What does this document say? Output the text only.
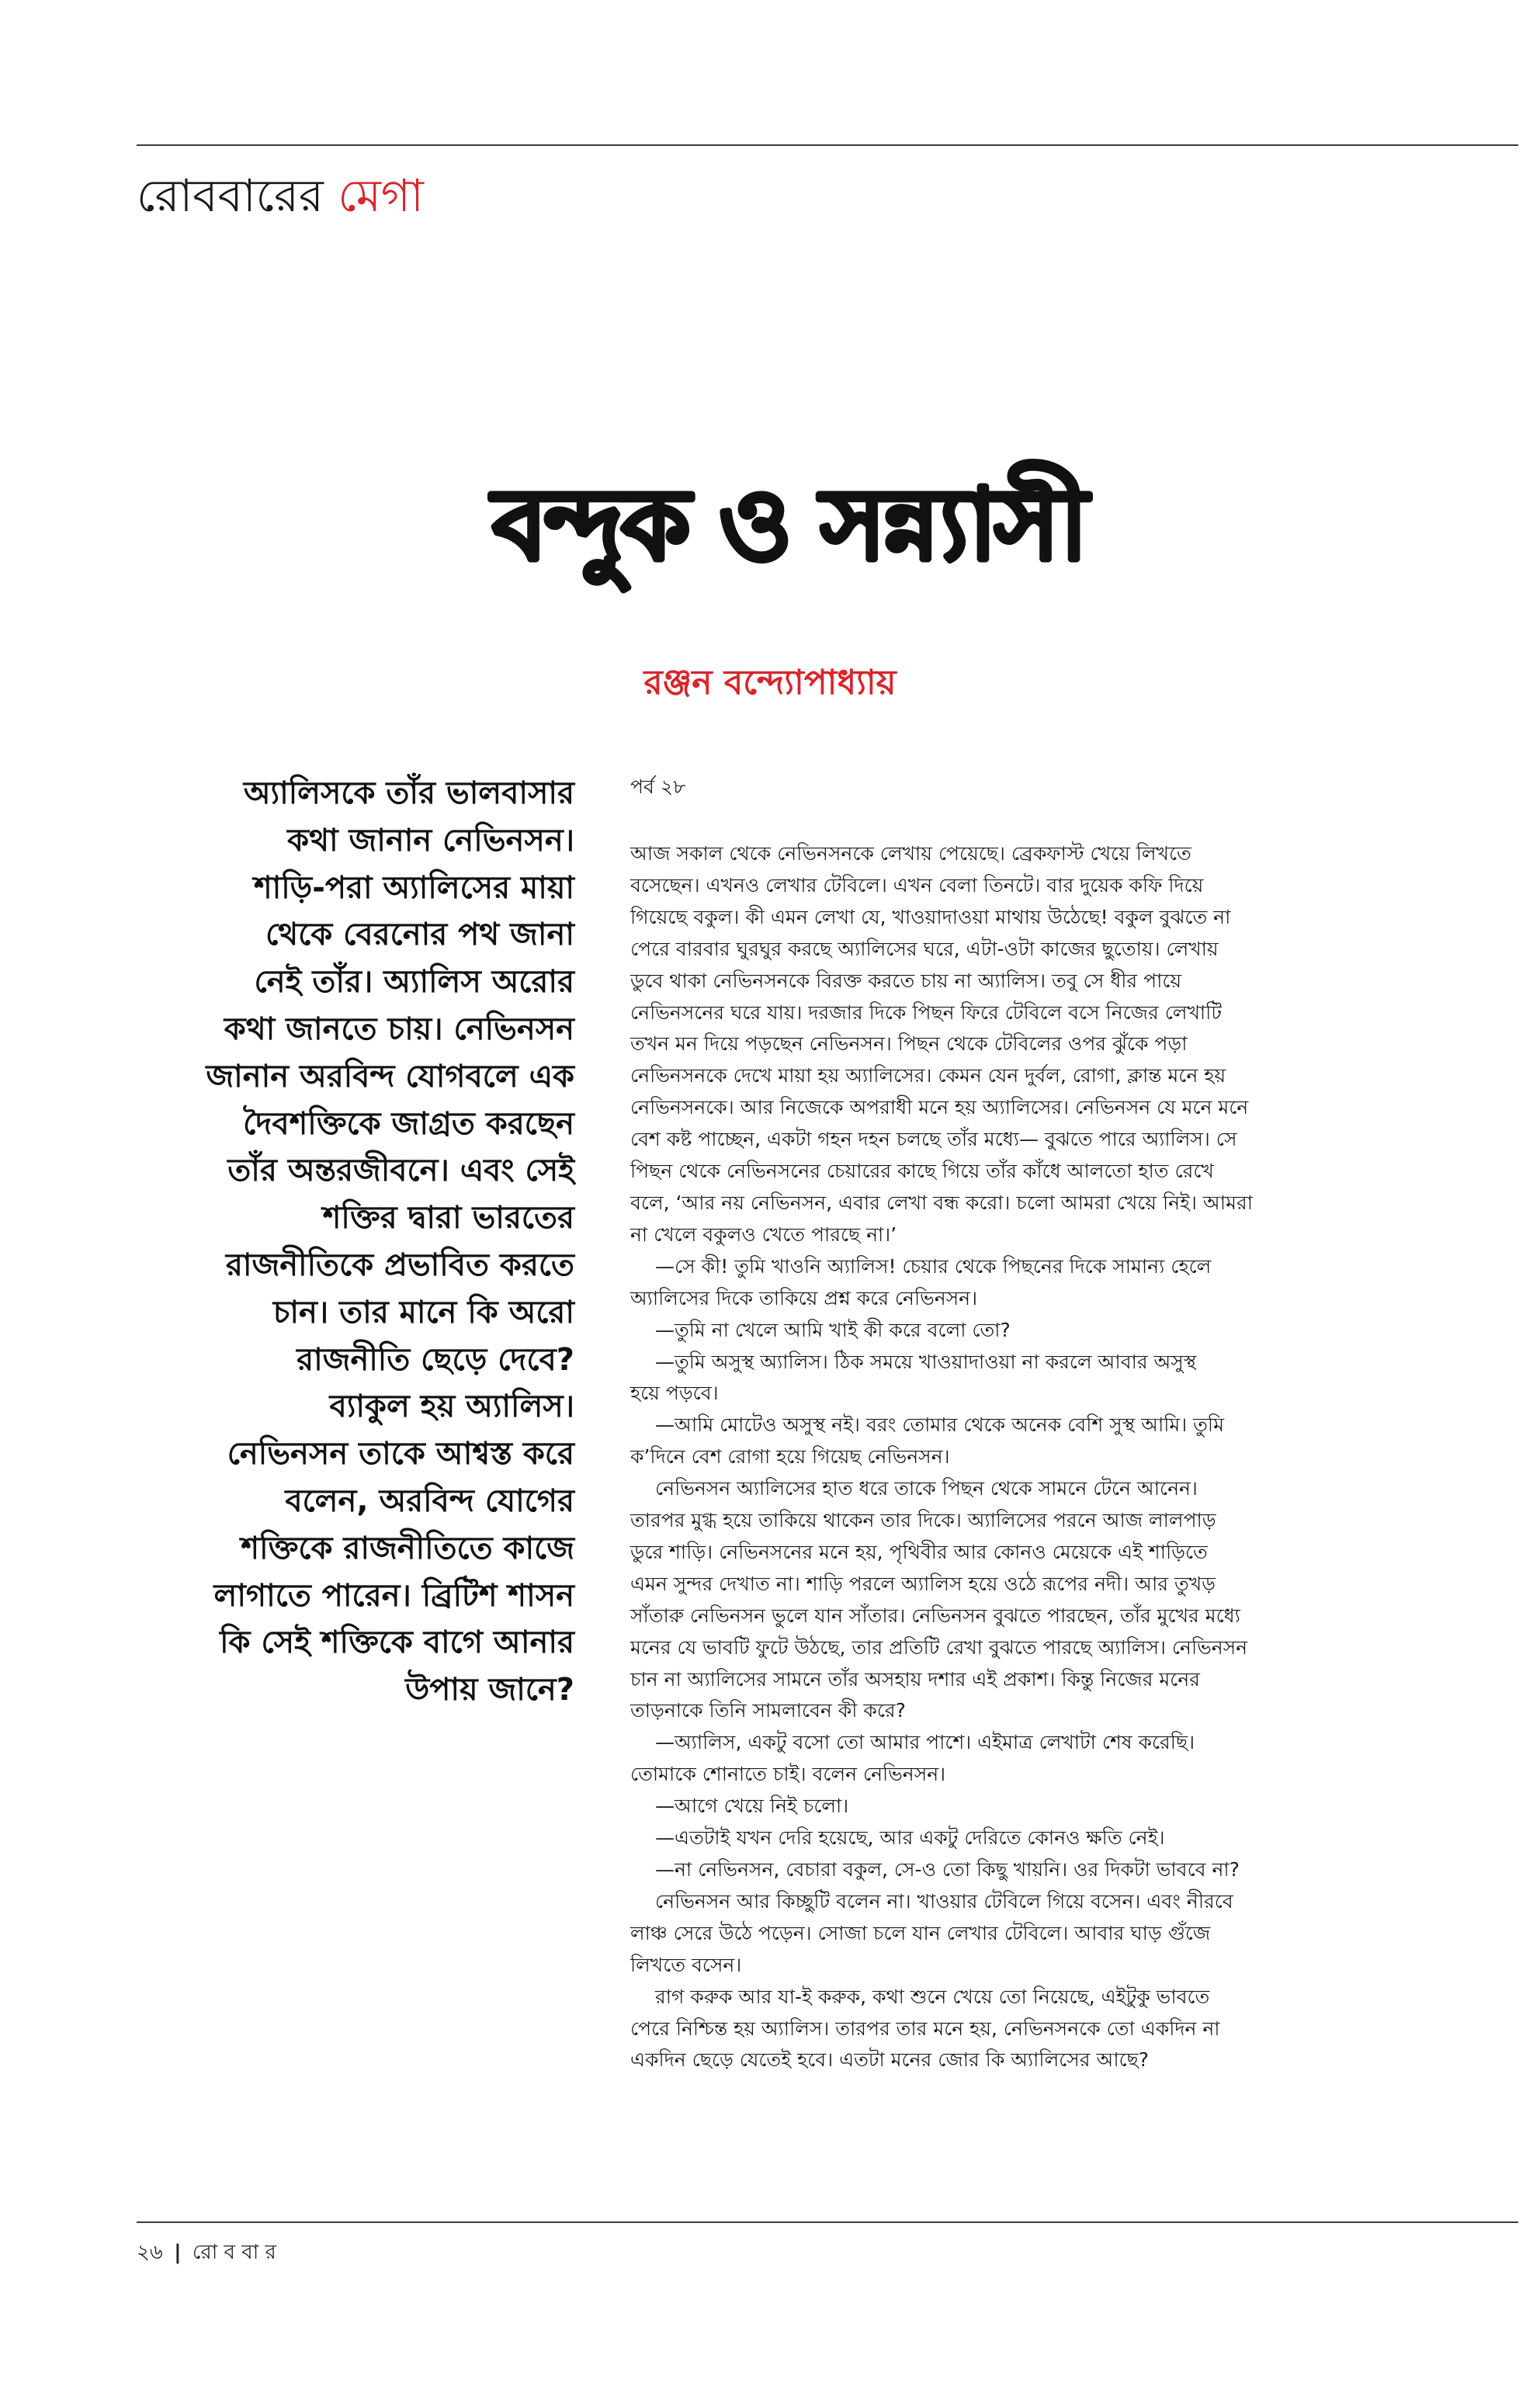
রোববারের মেগা
বন্দুক ও সন্ন্যাসী
রঞ্জন বন্দ্যোপাধ্যায়
অ্যালিসকে তাঁর ভালবাসার
কথা জানান নেভিনসন।
শাড়ি-পরা অ্যালিসের মায়া
থেকে বেরনোর পথ জানা
নেই তাঁর। অ্যালিস অরোর
কথা জানতে চায়। নেভিনসন
জানান অরবিন্দ যোগবলে এক
দৈবশক্তিকে জাগ্রত করছেন
তাঁর অন্তরজীবনে। এবং সেই
শক্তির দ্বারা ভারতের
রাজনীতিকে প্রভাবিত করতে
চান। তার মানে কি অরো
রাজনীতি ছেড়ে দেবে?
ব্যাকুল হয় অ্যালিস।
নেভিনসন তাকে আশ্বস্ত করে
বলেন, অরবিন্দ যোগের
শক্তিকে রাজনীতিতে কাজে
লাগাতে পারেন। ব্রিটিশ শাসন
কি সেই শক্তিকে বাগে আনার
উপায় জানে?
পর্ব ২৮
আজ সকাল থেকে নেভিনসনকে লেখায় পেয়েছে। ব্রেকফাস্ট খেয়ে লিখতে
বসেছেন। এখনও লেখার টেবিলে। এখন বেলা তিনটে। বার দুয়েক কফি দিয়ে
গিয়েছে বকুল। কী এমন লেখা যে, খাওয়াদাওয়া মাথায় উঠেছে! বকুল বুঝতে না
পেরে বারবার ঘুরঘুর করছে অ্যালিসের ঘরে, এটা-ওটা কাজের ছুতোয়। লেখায়
ডুবে থাকা নেভিনসনকে বিরক্ত করতে চায় না অ্যালিস। তবু সে ধীর পায়ে
নেভিনসনের ঘরে যায়। দরজার দিকে পিছন ফিরে টেবিলে বসে নিজের লেখাটি
তখন মন দিয়ে পড়ছেন নেভিনসন। পিছন থেকে টেবিলের ওপর ঝুঁকে পড়া
নেভিনসনকে দেখে মায়া হয় অ্যালিসের। কেমন যেন দুর্বল, রোগা, ক্লান্ত মনে হয়
নেভিনসনকে। আর নিজেকে অপরাধী মনে হয় অ্যালিসের। নেভিনসন যে মনে মনে
বেশ কষ্ট পাচ্ছেন, একটা গহন দহন চলছে তাঁর মধ্যে— বুঝতে পারে অ্যালিস। সে
পিছন থেকে নেভিনসনের চেয়ারের কাছে গিয়ে তাঁর কাঁধে আলতো হাত রেখে
বলে, ‘আর নয় নেভিনসন, এবার লেখা বন্ধ করো। চলো আমরা খেয়ে নিই। আমরা
না খেলে বকুলও খেতে পারছে না।’
—সে কী! তুমি খাওনি অ্যালিস! চেয়ার থেকে পিছনের দিকে সামান্য হেলে
অ্যালিসের দিকে তাকিয়ে প্রশ্ন করে নেভিনসন।
—তুমি না খেলে আমি খাই কী করে বলো তো?
—তুমি অসুস্থ অ্যালিস। ঠিক সময়ে খাওয়াদাওয়া না করলে আবার অসুস্থ
হয়ে পড়বে।
—আমি মোটেও অসুস্থ নই। বরং তোমার থেকে অনেক বেশি সুস্থ আমি। তুমি
ক’দিনে বেশ রোগা হয়ে গিয়েছ নেভিনসন।
নেভিনসন অ্যালিসের হাত ধরে তাকে পিছন থেকে সামনে টেনে আনেন।
তারপর মুগ্ধ হয়ে তাকিয়ে থাকেন তার দিকে। অ্যালিসের পরনে আজ লালপাড়
ডুরে শাড়ি। নেভিনসনের মনে হয়, পৃথিবীর আর কোনও মেয়েকে এই শাড়িতে
এমন সুন্দর দেখাত না। শাড়ি পরলে অ্যালিস হয়ে ওঠে রূপের নদী। আর তুখড়
সাঁতারু নেভিনসন ভুলে যান সাঁতার। নেভিনসন বুঝতে পারছেন, তাঁর মুখের মধ্যে
মনের যে ভাবটি ফুটে উঠছে, তার প্রতিটি রেখা বুঝতে পারছে অ্যালিস। নেভিনসন
চান না অ্যালিসের সামনে তাঁর অসহায় দশার এই প্রকাশ। কিন্তু নিজের মনের
তাড়নাকে তিনি সামলাবেন কী করে?
—অ্যালিস, একটু বসো তো আমার পাশে। এইমাত্র লেখাটা শেষ করেছি।
তোমাকে শোনাতে চাই। বলেন নেভিনসন।
—আগে খেয়ে নিই চলো।
—এতটাই যখন দেরি হয়েছে, আর একটু দেরিতে কোনও ক্ষতি নেই।
—না নেভিনসন, বেচারা বকুল, সে-ও তো কিছু খায়নি। ওর দিকটা ভাববে না?
নেভিনসন আর কিচ্ছুটি বলেন না। খাওয়ার টেবিলে গিয়ে বসেন। এবং নীরবে
লাঞ্চ সেরে উঠে পড়েন। সোজা চলে যান লেখার টেবিলে। আবার ঘাড় গুঁজে
লিখতে বসেন।
রাগ করুক আর যা-ই করুক, কথা শুনে খেয়ে তো নিয়েছে, এইটুকু ভাবতে
পেরে নিশ্চিন্ত হয় অ্যালিস। তারপর তার মনে হয়, নেভিনসনকে তো একদিন না
একদিন ছেড়ে যেতেই হবে। এতটা মনের জোর কি অ্যালিসের আছে?
২৬ | রো ব বা র
